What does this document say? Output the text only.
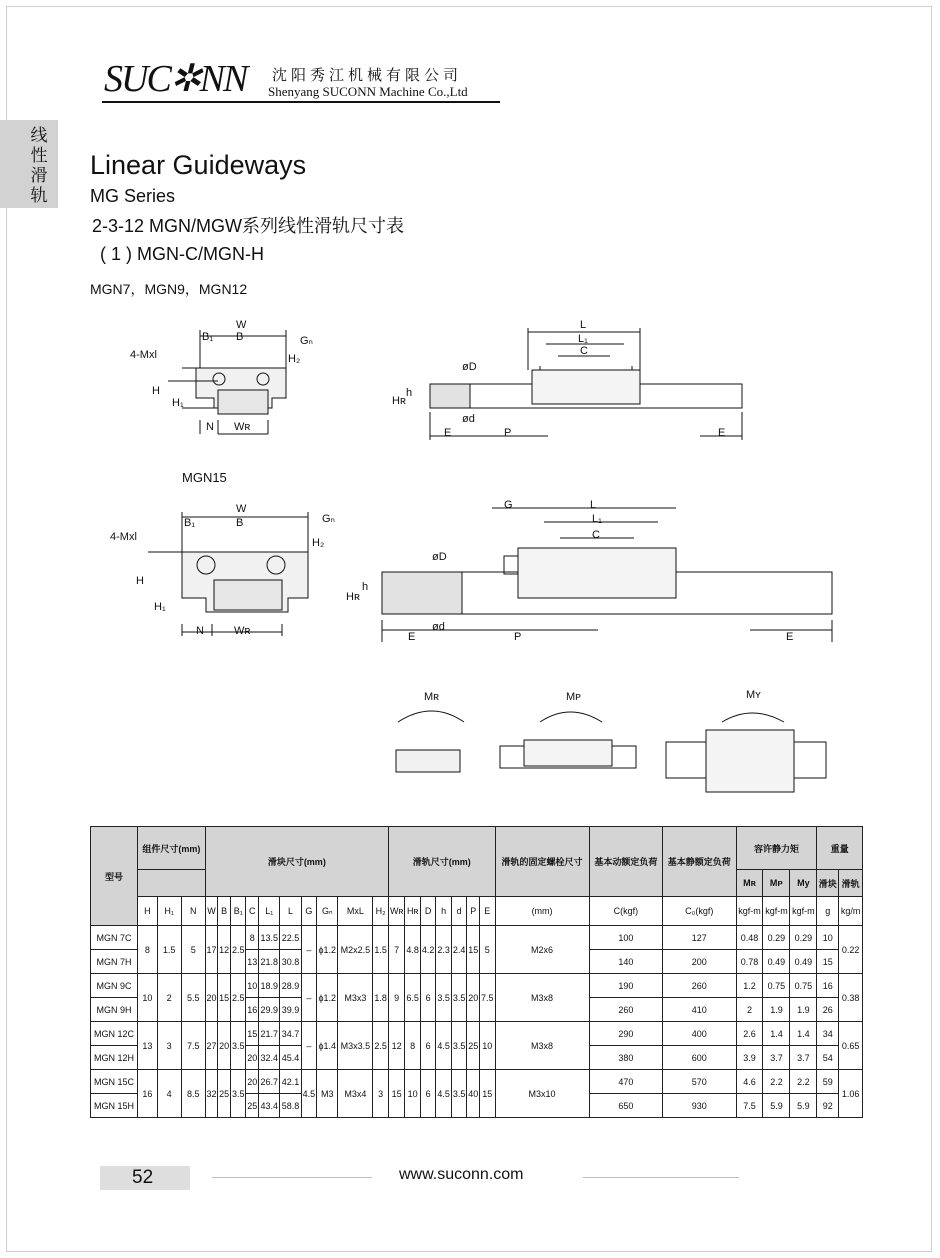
SUC✲NN 沈阳秀江机械有限公司
Shenyang SUCONN Machine Co.,Ltd
线
性
滑
轨
Linear Guideways
MG Series
2-3-12 MGN/MGW系列线性滑轨尺寸表
( 1 ) MGN-C/MGN-H
MGN7，MGN9，MGN12
MGN15
W
B
B₁	Gₙ
4-Mxl
H
H₁
H₂
N Wʀ
L
L₁
C
øD
ød
h
Hʀ
E	P	E
W
B
B₁	Gₙ
4-Mxl
H
H₁
H₂
N	Wʀ
G	L
L₁
C
øD
ød
h
Hʀ
E	P	E
Mʀ	Mᴘ	Mʏ
型号	组件尺寸(mm)			滑块尺寸(mm)										滑轨尺寸(mm)							滑轨的固定螺栓尺寸	基本动额定负荷	基本静额定负荷	容许静力矩			重量	
																								Mʀ	Mᴘ	My	滑块	滑轨
	H	H₁	N	W	B	B₁	C	L₁	L	G	Gₙ	MxL	H₂	Wʀ	Hʀ	D	h	d	P	E	(mm)	C(kgf)	C₀(kgf)	kgf-m	kgf-m	kgf-m	g	kg/m
MGN 7C	8	1.5	5	17	12	2.5	8	13.5	22.5	–	ϕ1.2	M2x2.5	1.5	7	4.8	4.2	2.3	2.4	15	5	M2x6	100	127	0.48	0.29	0.29	10	0.22
MGN 7H							13	21.8	30.8													140	200	0.78	0.49	0.49	15	
MGN 9C	10	2	5.5	20	15	2.5	10	18.9	28.9	–	ϕ1.2	M3x3	1.8	9	6.5	6	3.5	3.5	20	7.5	M3x8	190	260	1.2	0.75	0.75	16	0.38
MGN 9H							16	29.9	39.9													260	410	2	1.9	1.9	26	
MGN 12C	13	3	7.5	27	20	3.5	15	21.7	34.7	–	ϕ1.4	M3x3.5	2.5	12	8	6	4.5	3.5	25	10	M3x8	290	400	2.6	1.4	1.4	34	0.65
MGN 12H							20	32.4	45.4													380	600	3.9	3.7	3.7	54	
MGN 15C	16	4	8.5	32	25	3.5	20	26.7	42.1	4.5	M3	M3x4	3	15	10	6	4.5	3.5	40	15	M3x10	470	570	4.6	2.2	2.2	59	1.06
MGN 15H							25	43.4	58.8													650	930	7.5	5.9	5.9	92	
52	www.suconn.com
